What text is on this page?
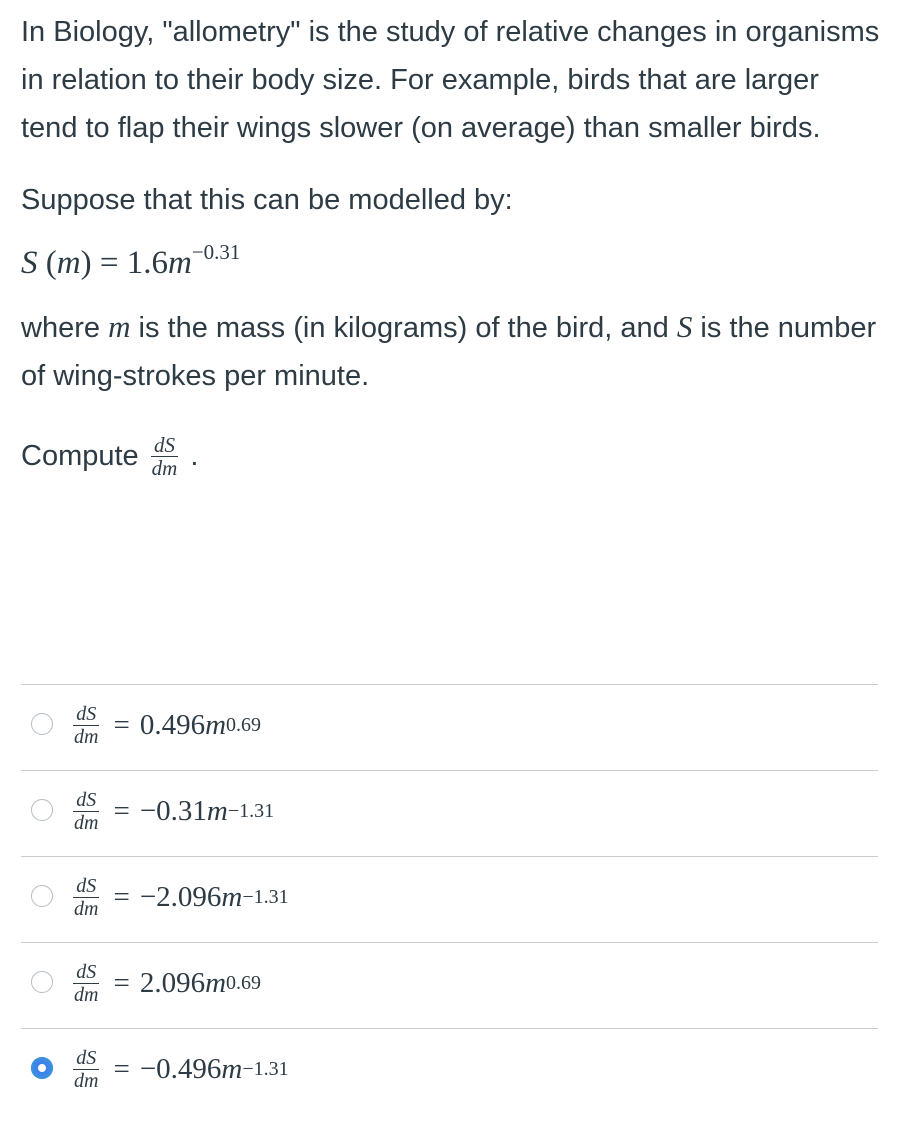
In Biology, "allometry" is the study of relative changes in organisms in relation to their body size. For example, birds that are larger tend to flap their wings slower (on average) than smaller birds.

Suppose that this can be modelled by:

S $(m) = 1.6m^{-0.31}$

where m is the mass (in kilograms) of the bird, and S is the number of wing-strokes per minute.

Compute $\frac{dS}{dm}$ .
$\frac{dS}{dm} = 0.496$ m 0.69
$\frac{dS}{dm} = -0.31$ m −1.31
$\frac{dS}{dm} = -2.096$ m −1.31
$\frac{dS}{dm} = 2.096$ m 0.69
$\frac{dS}{dm} = -0.496$ m −1.31
